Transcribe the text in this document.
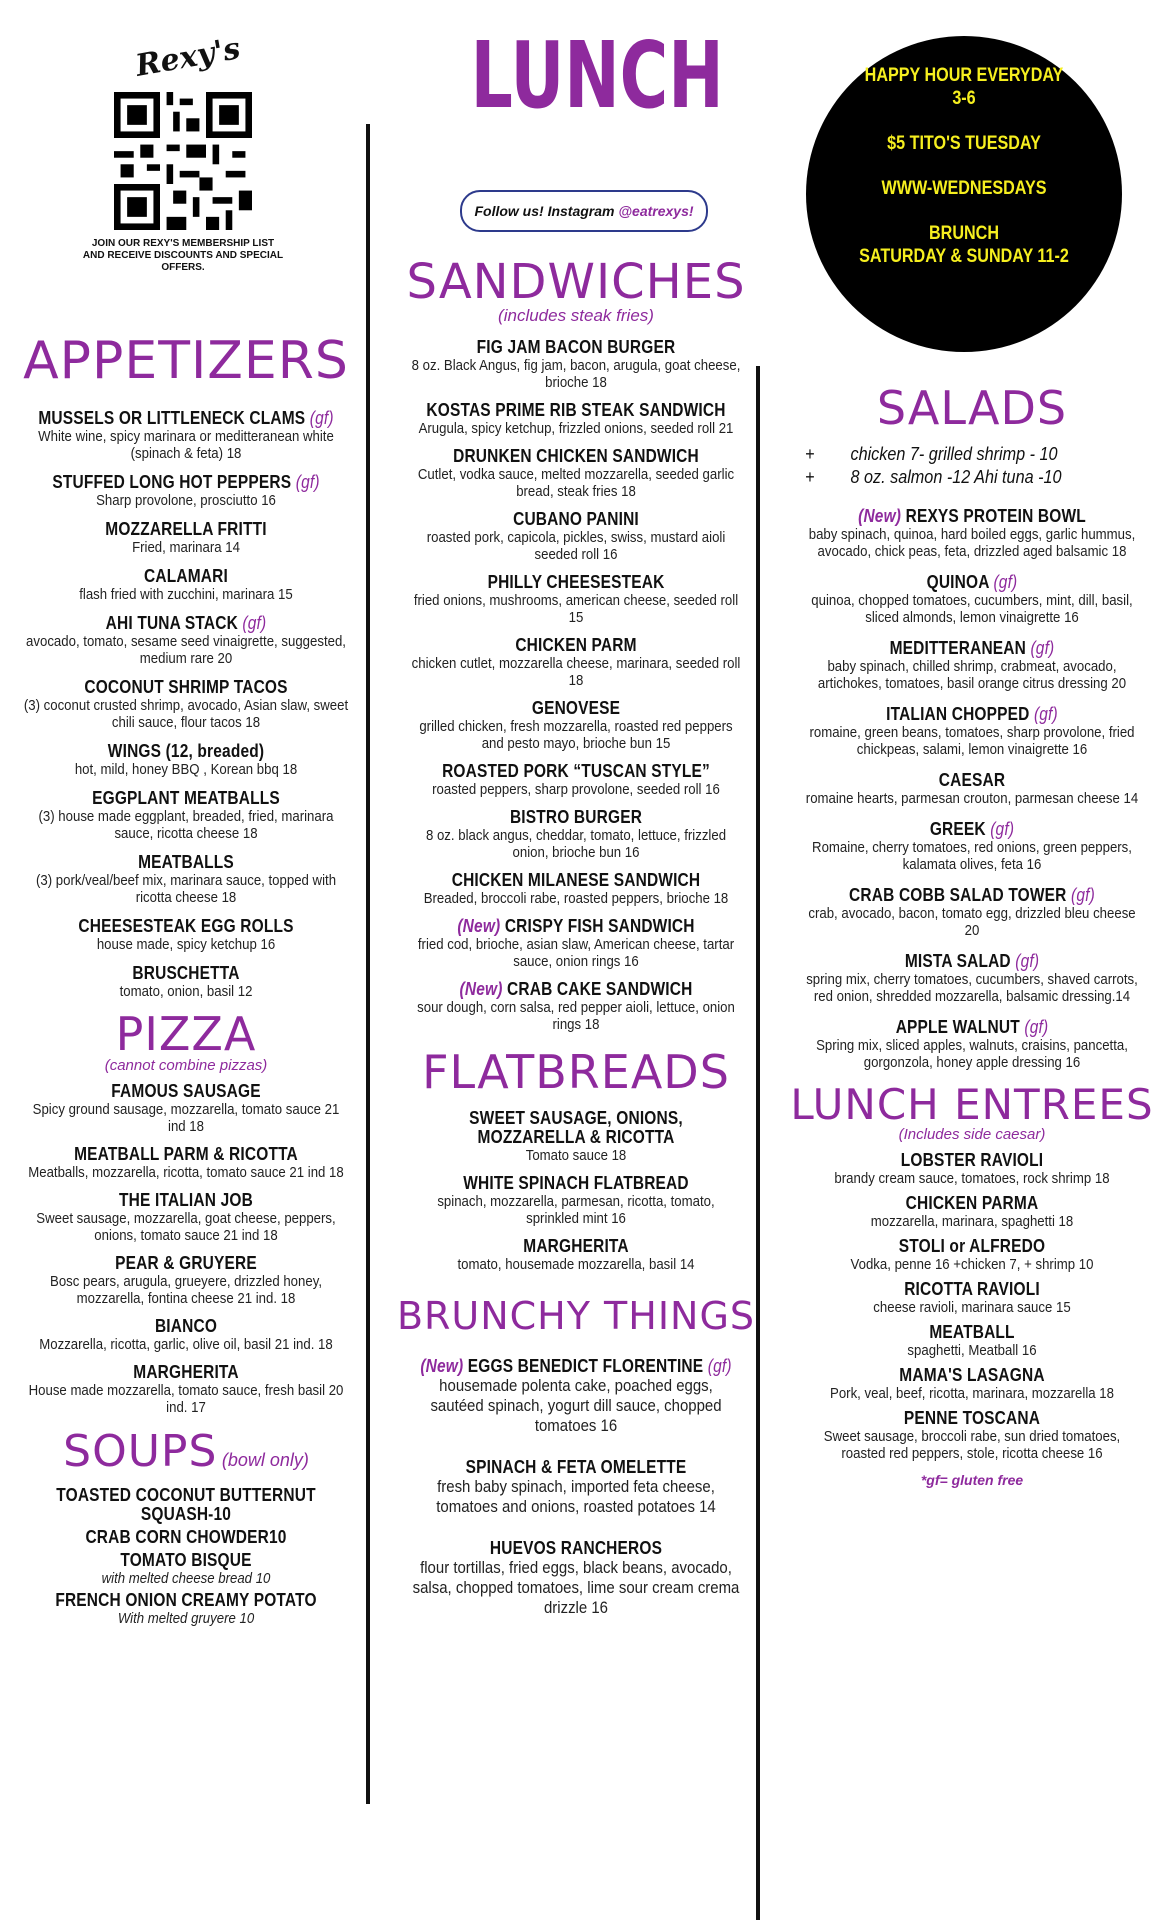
Rexy's
JOIN OUR REXY'S MEMBERSHIP LIST AND RECEIVE DISCOUNTS AND SPECIAL OFFERS.
LUNCH
Follow us! Instagram @eatrexys!
HAPPY HOUR EVERYDAY
3-6
$5 TITO'S TUESDAY
WWW-WEDNESDAYS
BRUNCH
SATURDAY & SUNDAY 11-2
APPETIZERS
MUSSELS OR LITTLENECK CLAMS (gf)
White wine, spicy marinara or meditteranean white (spinach & feta) 18
STUFFED LONG HOT PEPPERS (gf)
Sharp provolone, prosciutto 16
MOZZARELLA FRITTI
Fried, marinara 14
CALAMARI
flash fried with zucchini, marinara 15
AHI TUNA STACK (gf)
avocado, tomato, sesame seed vinaigrette, suggested, medium rare 20
COCONUT SHRIMP TACOS
(3) coconut crusted shrimp, avocado, Asian slaw, sweet chili sauce, flour tacos 18
WINGS (12, breaded)
hot, mild, honey BBQ , Korean bbq 18
EGGPLANT MEATBALLS
(3) house made eggplant, breaded, fried, marinara sauce, ricotta cheese 18
MEATBALLS
(3) pork/veal/beef mix, marinara sauce, topped with ricotta cheese 18
CHEESESTEAK EGG ROLLS
house made, spicy ketchup 16
BRUSCHETTA
tomato, onion, basil 12
PIZZA
(cannot combine pizzas)
FAMOUS SAUSAGE
Spicy ground sausage, mozzarella, tomato sauce 21 ind 18
MEATBALL PARM & RICOTTA
Meatballs, mozzarella, ricotta, tomato sauce 21 ind 18
THE ITALIAN JOB
Sweet sausage, mozzarella, goat cheese, peppers, onions, tomato sauce 21 ind 18
PEAR & GRUYERE
Bosc pears, arugula, grueyere, drizzled honey, mozzarella, fontina cheese 21 ind. 18
BIANCO
Mozzarella, ricotta, garlic, olive oil, basil 21 ind. 18
MARGHERITA
House made mozzarella, tomato sauce, fresh basil 20 ind. 17
SOUPS (bowl only)
TOASTED COCONUT BUTTERNUT SQUASH-10
CRAB CORN CHOWDER10
TOMATO BISQUE
with melted cheese bread 10
FRENCH ONION CREAMY POTATO
With melted gruyere 10
SANDWICHES
(includes steak fries)
FIG JAM BACON BURGER
8 oz. Black Angus, fig jam, bacon, arugula, goat cheese, brioche 18
KOSTAS PRIME RIB STEAK SANDWICH
Arugula, spicy ketchup, frizzled onions, seeded roll 21
DRUNKEN CHICKEN SANDWICH
Cutlet, vodka sauce, melted mozzarella, seeded garlic bread, steak fries 18
CUBANO PANINI
roasted pork, capicola, pickles, swiss, mustard aioli seeded roll 16
PHILLY CHEESESTEAK
fried onions, mushrooms, american cheese, seeded roll 15
CHICKEN PARM
chicken cutlet, mozzarella cheese, marinara, seeded roll 18
GENOVESE
grilled chicken, fresh mozzarella, roasted red peppers and pesto mayo, brioche bun 15
ROASTED PORK “TUSCAN STYLE”
roasted peppers, sharp provolone, seeded roll 16
BISTRO BURGER
8 oz. black angus, cheddar, tomato, lettuce, frizzled onion, brioche bun 16
CHICKEN MILANESE SANDWICH
Breaded, broccoli rabe, roasted peppers, brioche 18
(New) CRISPY FISH SANDWICH
fried cod, brioche, asian slaw, American cheese, tartar sauce, onion rings 16
(New) CRAB CAKE SANDWICH
sour dough, corn salsa, red pepper aioli, lettuce, onion rings 18
FLATBREADS
SWEET SAUSAGE, ONIONS, MOZZARELLA & RICOTTA
Tomato sauce 18
WHITE SPINACH FLATBREAD
spinach, mozzarella, parmesan, ricotta, tomato, sprinkled mint 16
MARGHERITA
tomato, housemade mozzarella, basil 14
BRUNCHY THINGS
(New) EGGS BENEDICT FLORENTINE (gf)
housemade polenta cake, poached eggs, sautéed spinach, yogurt dill sauce, chopped tomatoes 16
SPINACH & FETA OMELETTE
fresh baby spinach, imported feta cheese, tomatoes and onions, roasted potatoes 14
HUEVOS RANCHEROS
flour tortillas, fried eggs, black beans, avocado, salsa, chopped tomatoes, lime sour cream crema drizzle 16
SALADS
+        chicken 7- grilled shrimp - 10
+        8 oz. salmon -12 Ahi tuna -10
(New) REXYS PROTEIN BOWL
baby spinach, quinoa, hard boiled eggs, garlic hummus, avocado, chick peas, feta, drizzled aged balsamic 18
QUINOA (gf)
quinoa, chopped tomatoes, cucumbers, mint, dill, basil, sliced almonds, lemon vinaigrette 16
MEDITTERANEAN (gf)
baby spinach, chilled shrimp, crabmeat, avocado, artichokes, tomatoes, basil orange citrus dressing 20
ITALIAN CHOPPED (gf)
romaine, green beans, tomatoes, sharp provolone, fried chickpeas, salami, lemon vinaigrette 16
CAESAR
romaine hearts, parmesan crouton, parmesan cheese 14
GREEK (gf)
Romaine, cherry tomatoes, red onions, green peppers, kalamata olives, feta 16
CRAB COBB SALAD TOWER (gf)
crab, avocado, bacon, tomato egg, drizzled bleu cheese 20
MISTA SALAD (gf)
spring mix, cherry tomatoes, cucumbers, shaved carrots, red onion, shredded mozzarella, balsamic dressing.14
APPLE WALNUT (gf)
Spring mix, sliced apples, walnuts, craisins, pancetta, gorgonzola, honey apple dressing 16
LUNCH ENTREES
(Includes side caesar)
LOBSTER RAVIOLI
brandy cream sauce, tomatoes, rock shrimp 18
CHICKEN PARMA
mozzarella, marinara, spaghetti 18
STOLI or ALFREDO
Vodka, penne 16 +chicken 7, + shrimp 10
RICOTTA RAVIOLI
cheese ravioli, marinara sauce 15
MEATBALL
spaghetti, Meatball 16
MAMA'S LASAGNA
Pork, veal, beef, ricotta, marinara, mozzarella 18
PENNE TOSCANA
Sweet sausage, broccoli rabe, sun dried tomatoes, roasted red peppers, stole, ricotta cheese 16
*gf= gluten free
